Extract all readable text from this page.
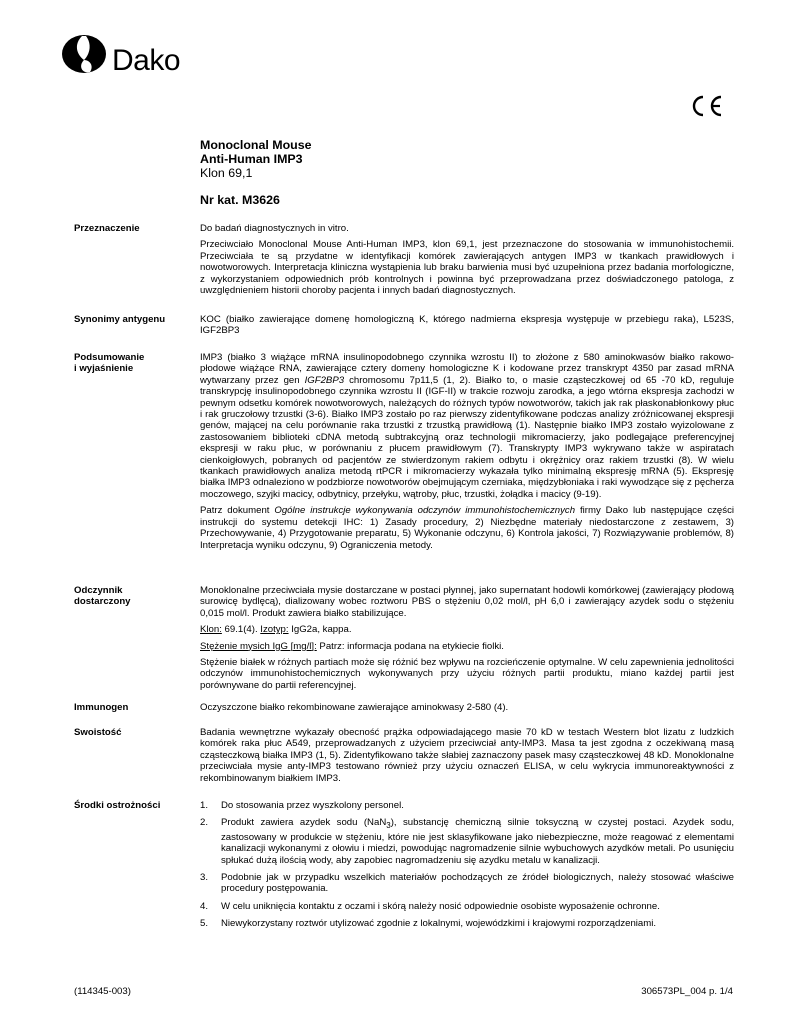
Dako
Monoclonal Mouse
Anti-Human IMP3
Klon 69,1
Nr kat. M3626
Przeznaczenie	Do badań diagnostycznych in vitro.

Przeciwciało Monoclonal Mouse Anti-Human IMP3, klon 69,1, jest przeznaczone do stosowania w immunohistochemii. Przeciwciała te są przydatne w identyfikacji komórek zawierających antygen IMP3 w tkankach prawidłowych i nowotworowych. Interpretacja kliniczna wystąpienia lub braku barwienia musi być uzupełniona przez badania morfologiczne, z wykorzystaniem odpowiednich prób kontrolnych i powinna być przeprowadzana przez doświadczonego patologa, z uwzględnieniem historii choroby pacjenta i innych badań diagnostycznych.

Synonimy antygenu	KOC (białko zawierające domenę homologiczną K, którego nadmierna ekspresja występuje w przebiegu raka), L523S, IGF2BP3

Podsumowanie
i wyjaśnienie

IMP3 (białko 3 wiążące mRNA insulinopodobnego czynnika wzrostu II) to złożone z 580 aminokwasów białko rakowo-płodowe wiążące RNA, zawierające cztery domeny homologiczne K i kodowane przez transkrypt 4350 par zasad mRNA wytwarzany przez gen IGF2BP3 chromosomu 7p11,5 (1, 2). Białko to, o masie cząsteczkowej od 65 -70 kD, reguluje transkrypcję insulinopodobnego czynnika wzrostu II (IGF-II) w trakcie rozwoju zarodka, a jego wtórna ekspresja zachodzi w pewnym odsetku komórek nowotworowych, należących do różnych typów nowotworów, takich jak rak płaskonabłonkowy płuc i rak gruczołowy trzustki (3-6). Białko IMP3 zostało po raz pierwszy zidentyfikowane podczas analizy zróżnicowanej ekspresji genów, mającej na celu porównanie raka trzustki z trzustką prawidłową (1). Następnie białko IMP3 zostało wyizolowane z zastosowaniem biblioteki cDNA metodą subtrakcyjną oraz technologii mikromacierzy, jako podlegające preferencyjnej ekspresji w raku płuc, w porównaniu z płucem prawidłowym (7). Transkrypty IMP3 wykrywano także w aspiratach cienkoigłowych, pobranych od pacjentów ze stwierdzonym rakiem odbytu i okrężnicy oraz rakiem trzustki (8). W wielu tkankach prawidłowych analiza metodą rtPCR i mikromacierzy wykazała tylko minimalną ekspresję mRNA (5). Ekspresję białka IMP3 odnaleziono w podzbiorze nowotworów obejmującym czerniaka, międzybłoniaka i raki wywodzące się z pęcherza moczowego, szyjki macicy, odbytnicy, przełyku, wątroby, płuc, trzustki, żołądka i macicy (9-19).

Patrz dokument Ogólne instrukcje wykonywania odczynów immunohistochemicznych firmy Dako lub następujące części instrukcji do systemu detekcji IHC: 1) Zasady procedury, 2) Niezbędne materiały niedostarczone z zestawem, 3) Przechowywanie, 4) Przygotowanie preparatu, 5) Wykonanie odczynu, 6) Kontrola jakości, 7) Rozwiązywanie problemów, 8) Interpretacja wyniku odczynu, 9) Ograniczenia metody.

Odczynnik
dostarczony

Monoklonalne przeciwciała mysie dostarczane w postaci płynnej, jako supernatant hodowli komórkowej (zawierający płodową surowicę bydlęcą), dializowany wobec roztworu PBS o stężeniu 0,02 mol/l, pH 6,0 i zawierający azydek sodu o stężeniu 0,015 mol/l. Produkt zawiera białko stabilizujące.

Klon: 69.1(4). Izotyp: IgG2a, kappa.

Stężenie mysich IgG [mg/l]: Patrz: informacja podana na etykiecie fiolki.

Stężenie białek w różnych partiach może się różnić bez wpływu na rozcieńczenie optymalne. W celu zapewnienia jednolitości odczynów immunohistochemicznych wykonywanych przy użyciu różnych partii produktu, miano każdej partii jest porównywane do partii referencyjnej.

Immunogen	Oczyszczone białko rekombinowane zawierające aminokwasy 2-580 (4).

Swoistość	Badania wewnętrzne wykazały obecność prążka odpowiadającego masie 70 kD w testach Western blot lizatu z ludzkich komórek raka płuc A549, przeprowadzanych z użyciem przeciwciał anty-IMP3. Masa ta jest zgodna z oczekiwaną masą cząsteczkową białka IMP3 (1, 5). Zidentyfikowano także słabiej zaznaczony pasek masy cząsteczkowej 48 kD. Monoklonalne przeciwciała mysie anty-IMP3 testowano również przy użyciu oznaczeń ELISA, w celu wykrycia immunoreaktywności z rekombinowanym białkiem IMP3.

Środki ostrożności	1. Do stosowania przez wyszkolony personel.
2. Produkt zawiera azydek sodu (NaN$_3$), substancję chemiczną silnie toksyczną w czystej postaci. Azydek sodu, zastosowany w produkcie w stężeniu, które nie jest sklasyfikowane jako niebezpieczne, może reagować z elementami kanalizacji wykonanymi z ołowiu i miedzi, powodując nagromadzenie silnie wybuchowych azydków metali. Po usunięciu spłukać dużą ilością wody, aby zapobiec nagromadzeniu się azydku metalu w kanalizacji.
3. Podobnie jak w przypadku wszelkich materiałów pochodzących ze źródeł biologicznych, należy stosować właściwe procedury postępowania.
4. W celu uniknięcia kontaktu z oczami i skórą należy nosić odpowiednie osobiste wyposażenie ochronne.
5. Niewykorzystany roztwór utylizować zgodnie z lokalnymi, wojewódzkimi i krajowymi rozporządzeniami.
(114345-003)	306573PL_004 p. 1/4
